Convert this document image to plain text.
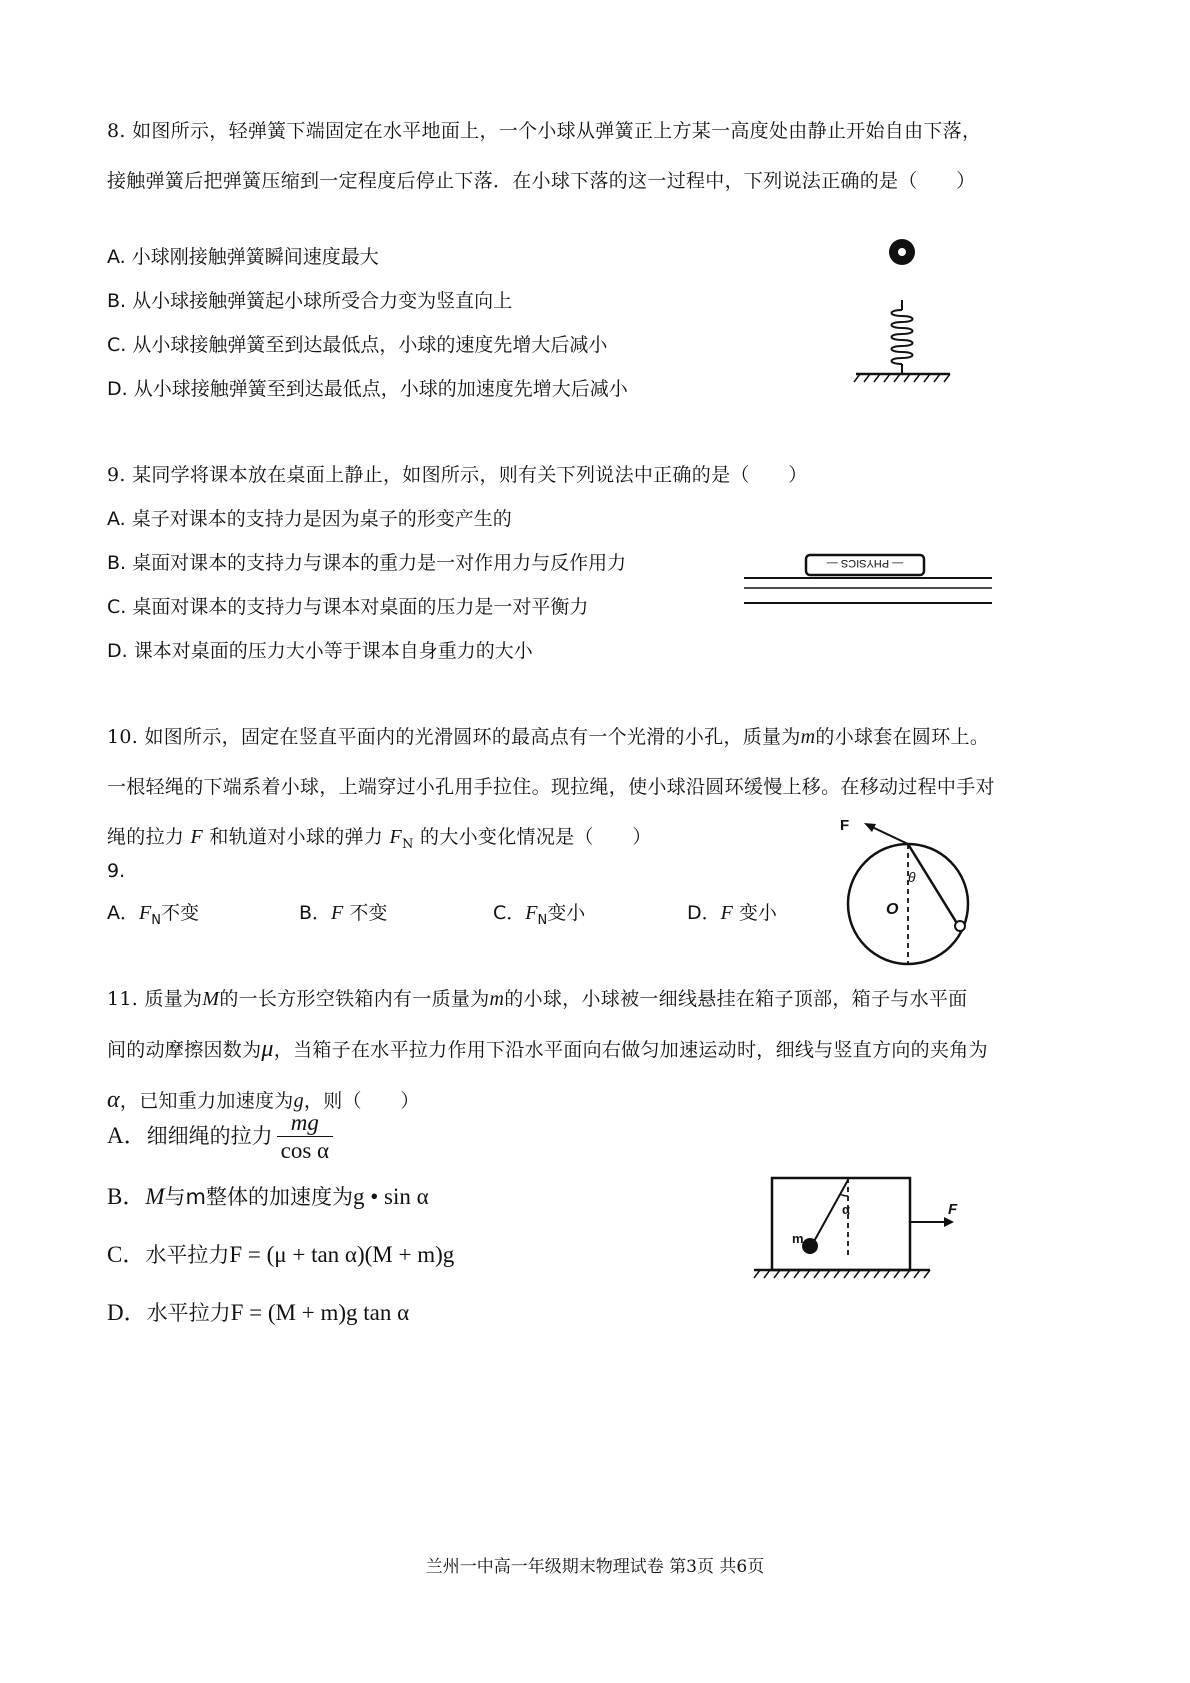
8. 如图所示，轻弹簧下端固定在水平地面上，一个小球从弹簧正上方某一高度处由静止开始自由下落，
接触弹簧后把弹簧压缩到一定程度后停止下落．在小球下落的这一过程中，下列说法正确的是（　　）
A. 小球刚接触弹簧瞬间速度最大
B. 从小球接触弹簧起小球所受合力变为竖直向上
C. 从小球接触弹簧至到达最低点，小球的速度先增大后减小
D. 从小球接触弹簧至到达最低点，小球的加速度先增大后减小
9. 某同学将课本放在桌面上静止，如图所示，则有关下列说法中正确的是（　　）
A. 桌子对课本的支持力是因为桌子的形变产生的
B. 桌面对课本的支持力与课本的重力是一对作用力与反作用力
C. 桌面对课本的支持力与课本对桌面的压力是一对平衡力
D. 课本对桌面的压力大小等于课本自身重力的大小
— PHYSICS —
10. 如图所示，固定在竖直平面内的光滑圆环的最高点有一个光滑的小孔，质量为m的小球套在圆环上。
一根轻绳的下端系着小球，上端穿过小孔用手拉住。现拉绳，使小球沿圆环缓慢上移。在移动过程中手对
绳的拉力 F 和轨道对小球的弹力 $F_N$ 的大小变化情况是（　　）
9.
A．$F_N$不变	B．F 不变	C．$F_N$变小	D．F 变小
F
θ
O
11. 质量为M的一长方形空铁箱内有一质量为m的小球，小球被一细线悬挂在箱子顶部，箱子与水平面
间的动摩擦因数为μ，当箱子在水平拉力作用下沿水平面向右做匀加速运动时，细线与竖直方向的夹角为
α，已知重力加速度为g，则（　　）
A．细细绳的拉力 $\frac{mg}{\text{cos α}}$
B．M与m整体的加速度为g • sin α
C．水平拉力F = (μ + tan α)(M + m)g
D．水平拉力F = (M + m)g tan α
α
m
F
兰州一中高一年级期末物理试卷 第3页 共6页
